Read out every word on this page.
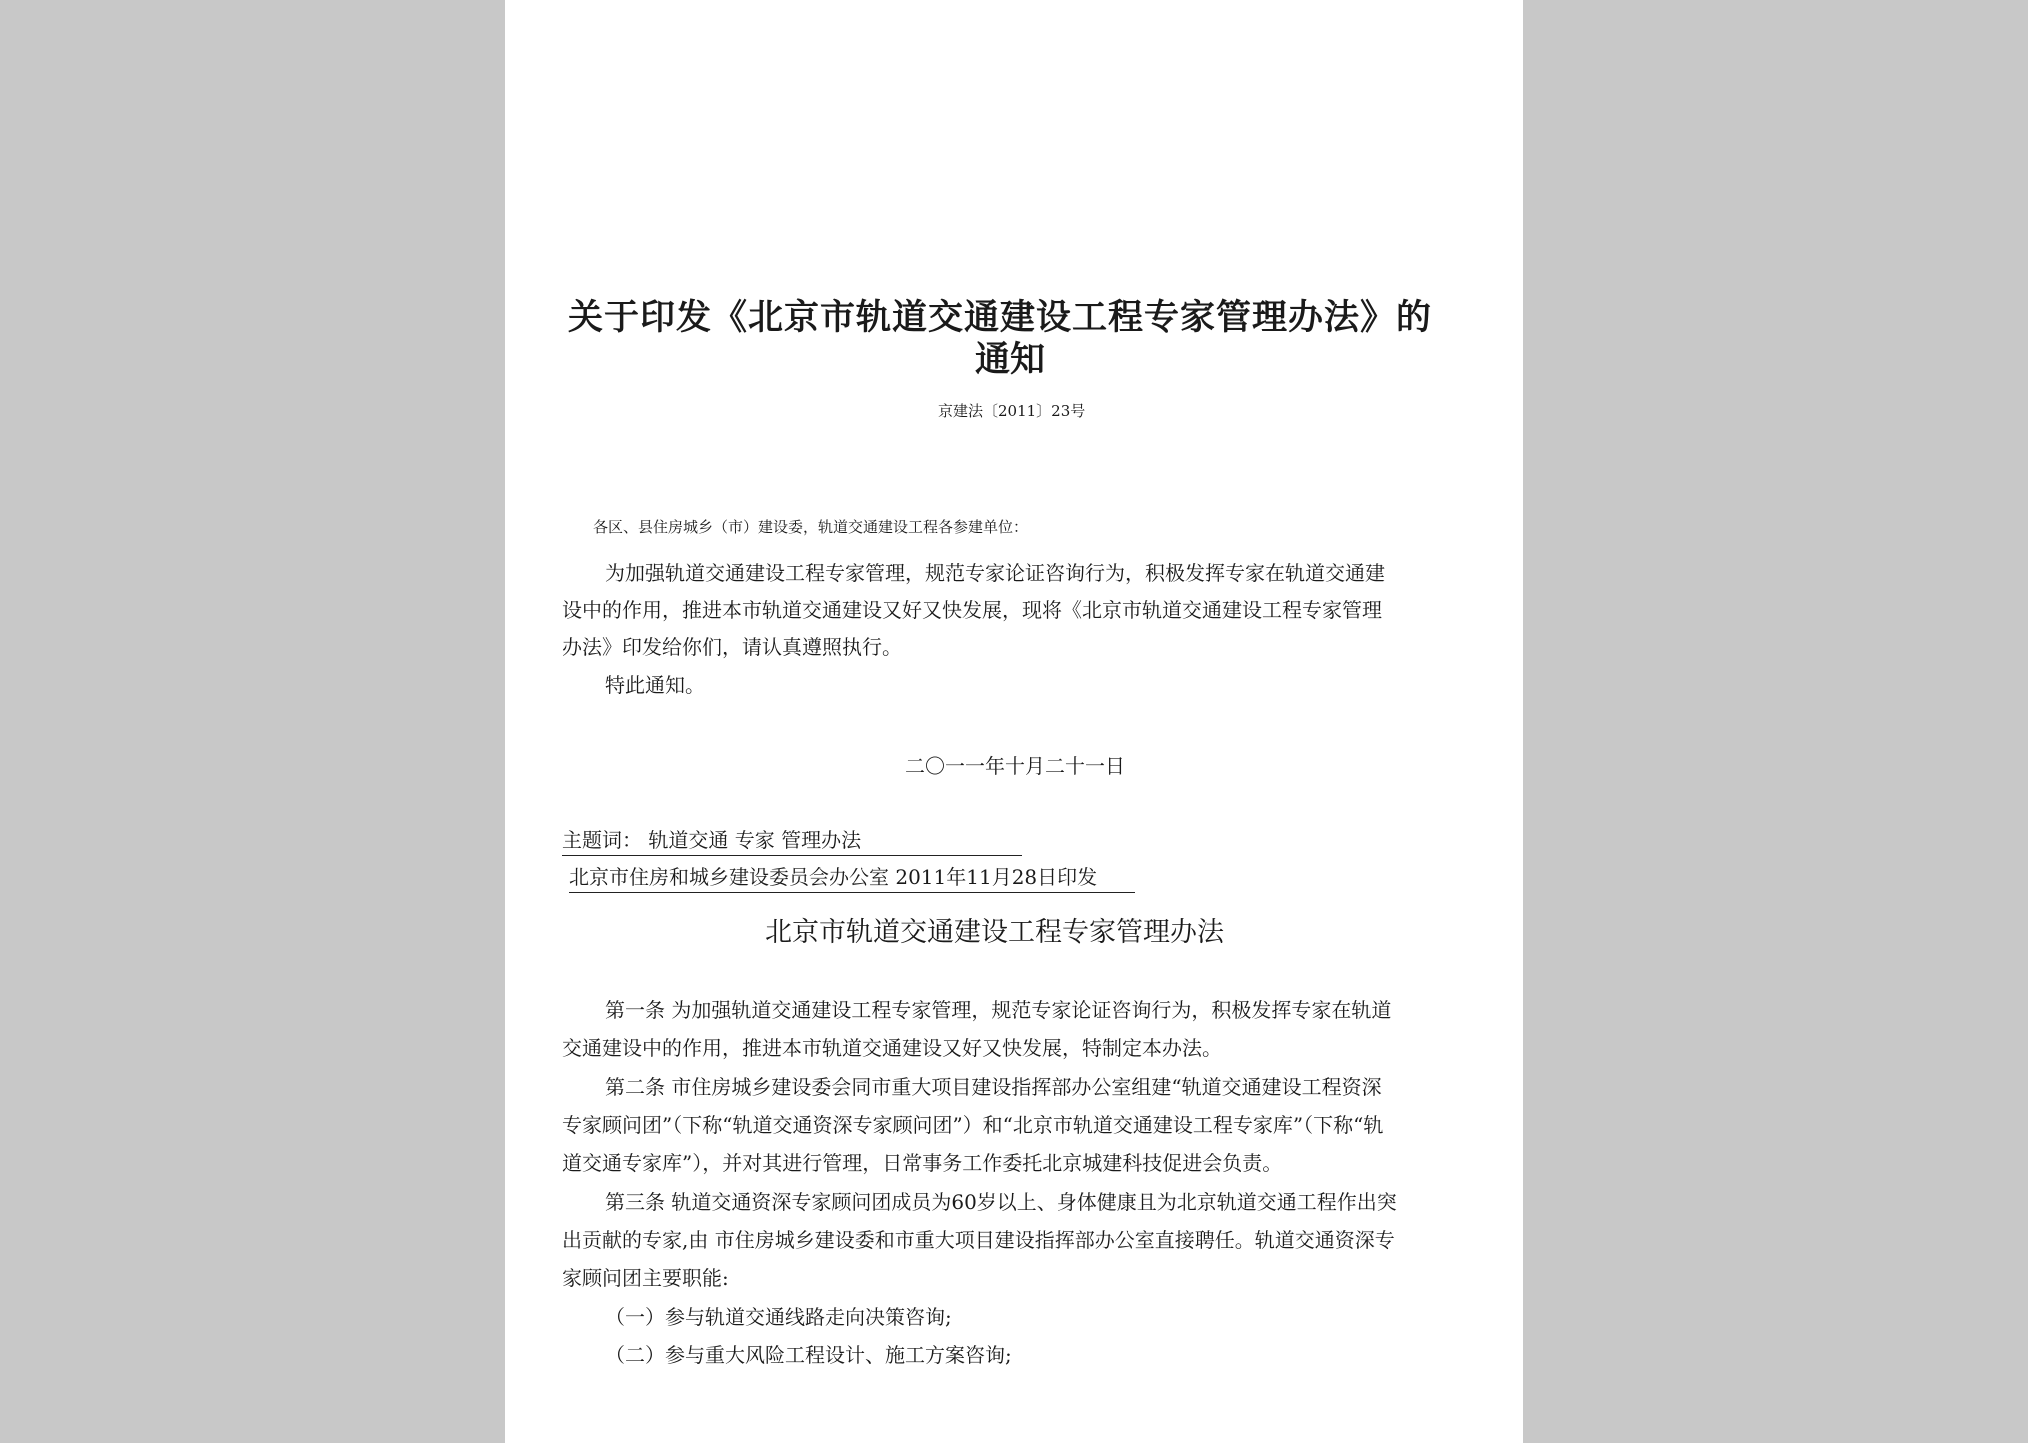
关于印发《北京市轨道交通建设工程专家管理办法》的
通知
京建法〔2011〕23号
各区、县住房城乡（市）建设委，轨道交通建设工程各参建单位：
为加强轨道交通建设工程专家管理，规范专家论证咨询行为，积极发挥专家在轨道交通建
设中的作用，推进本市轨道交通建设又好又快发展，现将《北京市轨道交通建设工程专家管理
办法》印发给你们，请认真遵照执行。
特此通知。
二〇一一年十月二十一日
主题词： 轨道交通 专家 管理办法
北京市住房和城乡建设委员会办公室 2011年11月28日印发
北京市轨道交通建设工程专家管理办法
第一条 为加强轨道交通建设工程专家管理，规范专家论证咨询行为，积极发挥专家在轨道
交通建设中的作用，推进本市轨道交通建设又好又快发展，特制定本办法。
第二条 市住房城乡建设委会同市重大项目建设指挥部办公室组建“轨道交通建设工程资深
专家顾问团”（下称“轨道交通资深专家顾问团”）和“北京市轨道交通建设工程专家库”（下称“轨
道交通专家库”），并对其进行管理，日常事务工作委托北京城建科技促进会负责。
第三条 轨道交通资深专家顾问团成员为60岁以上、身体健康且为北京轨道交通工程作出突
出贡献的专家,由 市住房城乡建设委和市重大项目建设指挥部办公室直接聘任。轨道交通资深专
家顾问团主要职能:
（一）参与轨道交通线路走向决策咨询;
（二）参与重大风险工程设计、施工方案咨询;
